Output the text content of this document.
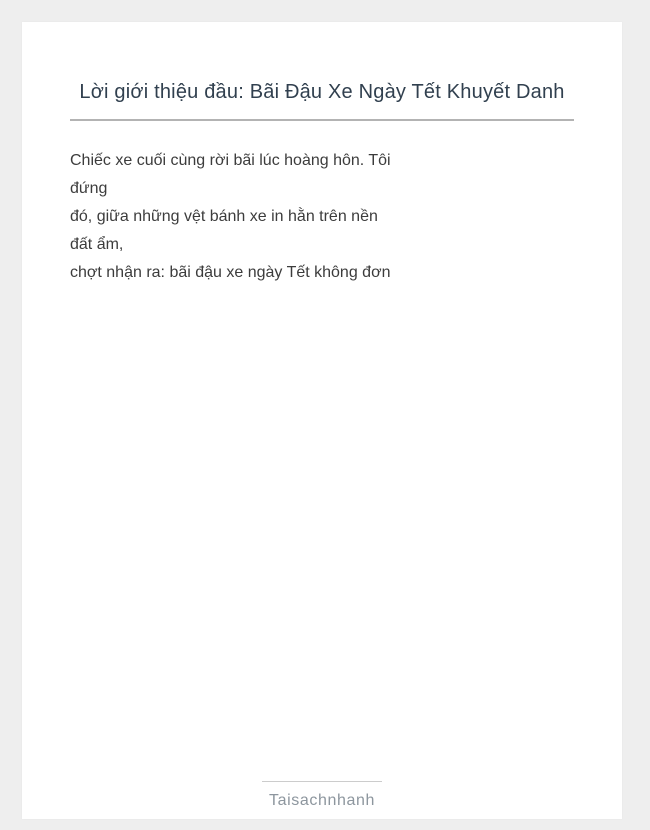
Lời giới thiệu đầu: Bãi Đậu Xe Ngày Tết Khuyết Danh
Chiếc xe cuối cùng rời bãi lúc hoàng hôn. Tôi
đứng
đó, giữa những vệt bánh xe in hằn trên nền
đất ẩm,
chợt nhận ra: bãi đậu xe ngày Tết không đơn
Taisachnhanh
